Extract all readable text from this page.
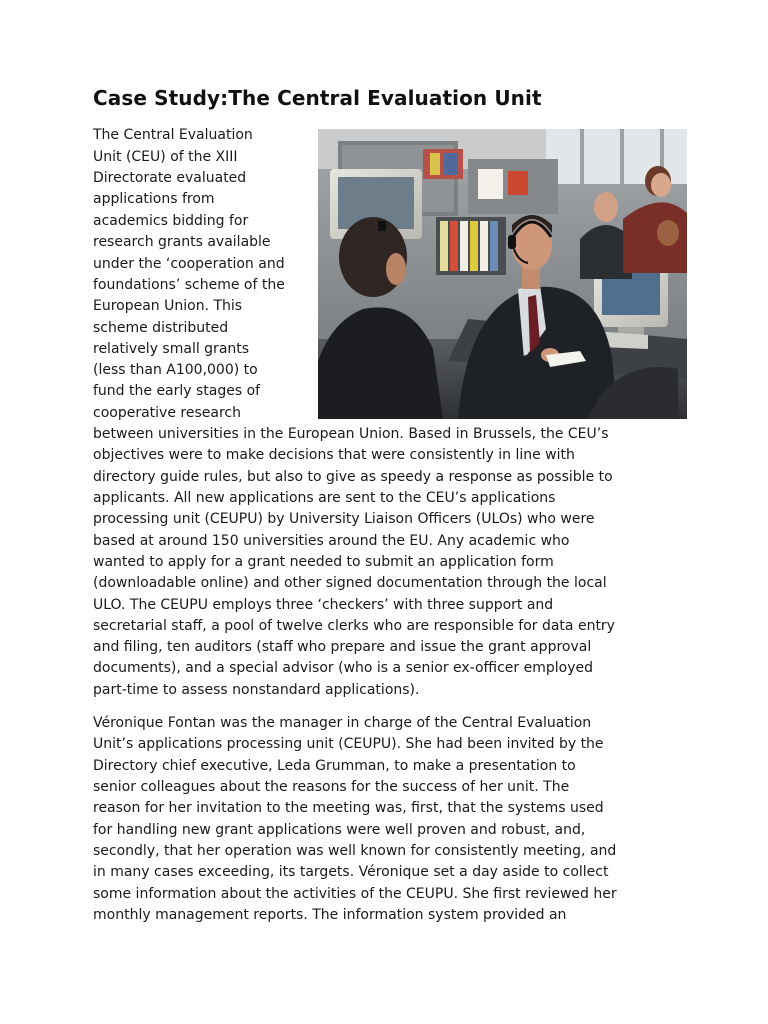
Case Study:The Central Evaluation Unit

The Central Evaluation

Unit (CEU) of the XIII

Directorate evaluated

applications from

academics bidding for

research grants available

under the ‘cooperation and

foundations’ scheme of the

European Union. This

scheme distributed

relatively small grants

(less than A100,000) to

fund the early stages of

cooperative research

between universities in the European Union. Based in Brussels, the CEU’s

objectives were to make decisions that were consistently in line with

directory guide rules, but also to give as speedy a response as possible to

applicants. All new applications are sent to the CEU’s applications

processing unit (CEUPU) by University Liaison Officers (ULOs) who were

based at around 150 universities around the EU. Any academic who

wanted to apply for a grant needed to submit an application form

(downloadable online) and other signed documentation through the local

ULO. The CEUPU employs three ‘checkers’ with three support and

secretarial staff, a pool of twelve clerks who are responsible for data entry

and filing, ten auditors (staff who prepare and issue the grant approval

documents), and a special advisor (who is a senior ex-officer employed

part-time to assess nonstandard applications).

Véronique Fontan was the manager in charge of the Central Evaluation

Unit’s applications processing unit (CEUPU). She had been invited by the

Directory chief executive, Leda Grumman, to make a presentation to

senior colleagues about the reasons for the success of her unit. The

reason for her invitation to the meeting was, first, that the systems used

for handling new grant applications were well proven and robust, and,

secondly, that her operation was well known for consistently meeting, and

in many cases exceeding, its targets. Véronique set a day aside to collect

some information about the activities of the CEUPU. She first reviewed her

monthly management reports. The information system provided an
